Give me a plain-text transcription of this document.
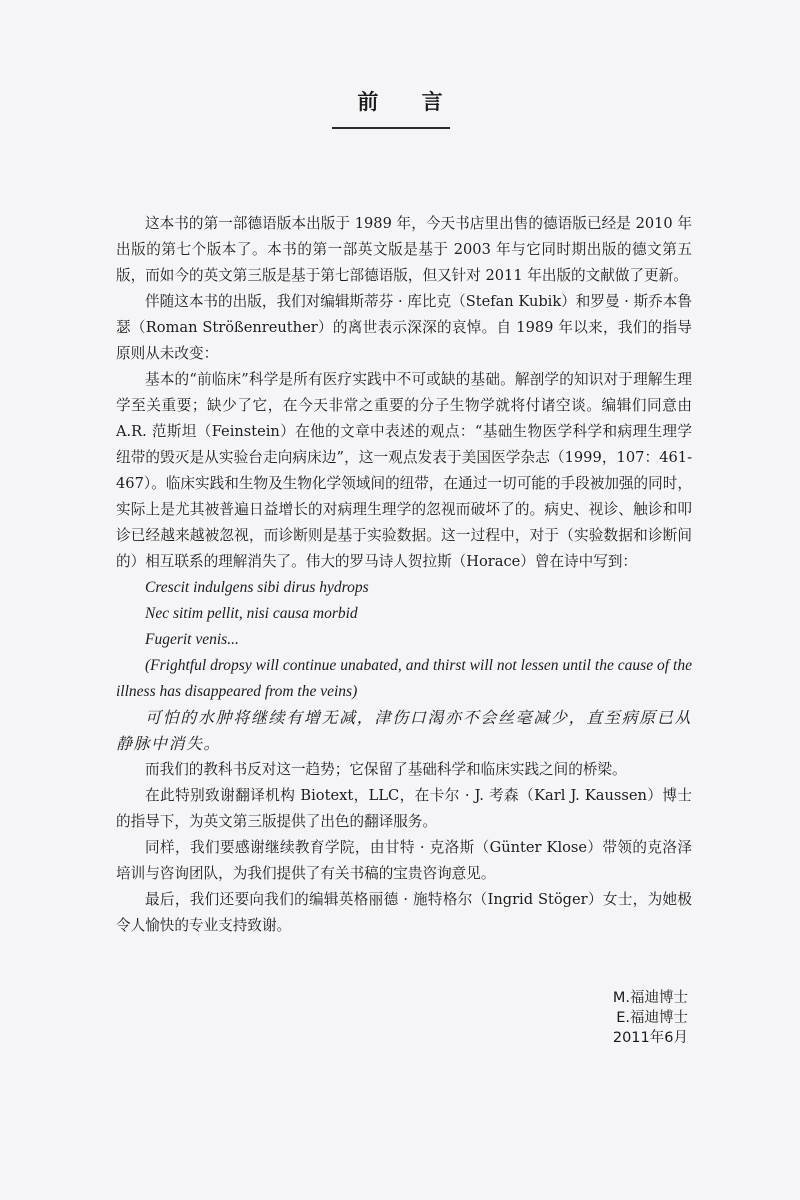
前 言

这本书的第一部德语版本出版于 1989 年，今天书店里出售的德语版已经是 2010 年出版的第七个版本了。本书的第一部英文版是基于 2003 年与它同时期出版的德文第五版，而如今的英文第三版是基于第七部德语版，但又针对 2011 年出版的文献做了更新。

伴随这本书的出版，我们对编辑斯蒂芬 · 库比克（Stefan Kubik）和罗曼 · 斯乔本鲁瑟（Roman Strößenreuther）的离世表示深深的哀悼。自 1989 年以来，我们的指导原则从未改变：

基本的“前临床”科学是所有医疗实践中不可或缺的基础。解剖学的知识对于理解生理学至关重要；缺少了它，在今天非常之重要的分子生物学就将付诸空谈。编辑们同意由 A.R. 范斯坦（Feinstein）在他的文章中表述的观点：“基础生物医学科学和病理生理学纽带的毁灭是从实验台走向病床边”，这一观点发表于美国医学杂志（1999，107：461-467）。临床实践和生物及生物化学领域间的纽带，在通过一切可能的手段被加强的同时，实际上是尤其被普遍日益增长的对病理生理学的忽视而破坏了的。病史、视诊、触诊和叩诊已经越来越被忽视，而诊断则是基于实验数据。这一过程中，对于（实验数据和诊断间的）相互联系的理解消失了。伟大的罗马诗人贺拉斯（Horace）曾在诗中写到：

Crescit indulgens sibi dirus hydrops

Nec sitim pellit, nisi causa morbid

Fugerit venis...

(Frightful dropsy will continue unabated, and thirst will not lessen until the cause of the illness has disappeared from the veins)

可怕的水肿将继续有增无减，津伤口渴亦不会丝毫减少，直至病原已从静脉中消失。

而我们的教科书反对这一趋势；它保留了基础科学和临床实践之间的桥梁。

在此特别致谢翻译机构 Biotext，LLC，在卡尔 · J. 考森（Karl J. Kaussen）博士的指导下，为英文第三版提供了出色的翻译服务。

同样，我们要感谢继续教育学院，由甘特 · 克洛斯（Günter Klose）带领的克洛泽培训与咨询团队，为我们提供了有关书稿的宝贵咨询意见。

最后，我们还要向我们的编辑英格丽德 · 施特格尔（Ingrid Stöger）女士，为她极令人愉快的专业支持致谢。

M.福迪博士
E.福迪博士
2011年6月
